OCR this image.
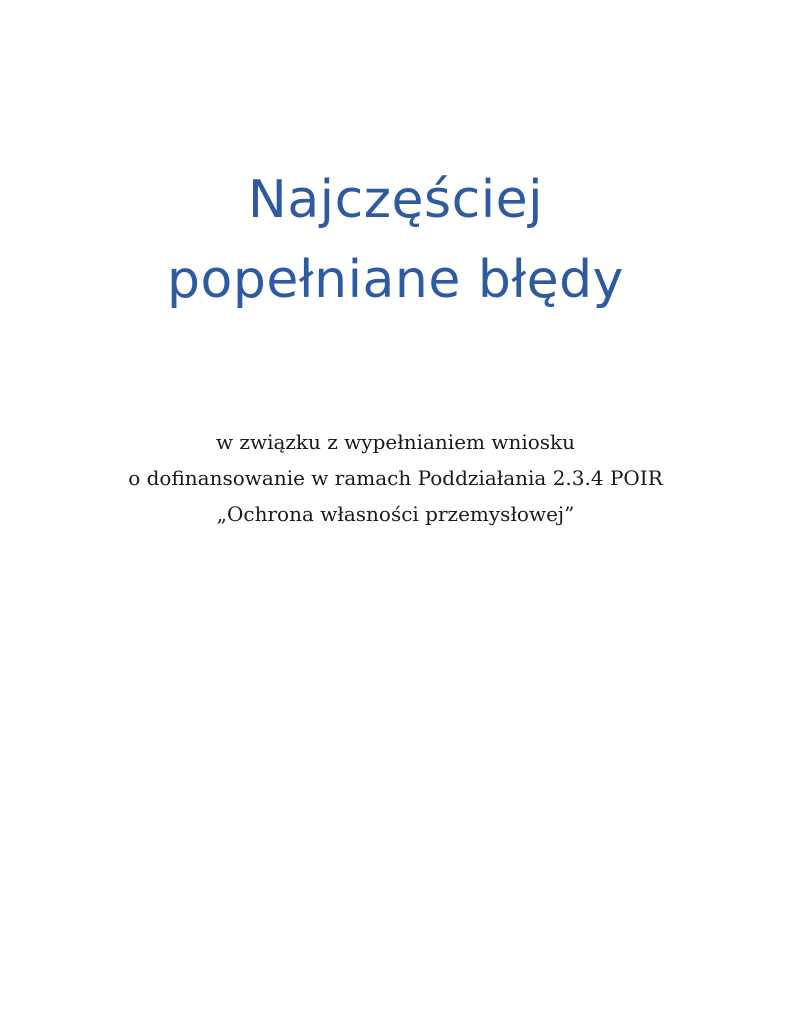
Najczęściej
popełniane błędy
w związku z wypełnianiem wniosku
o dofinansowanie w ramach Poddziałania 2.3.4 POIR
„Ochrona własności przemysłowej”
